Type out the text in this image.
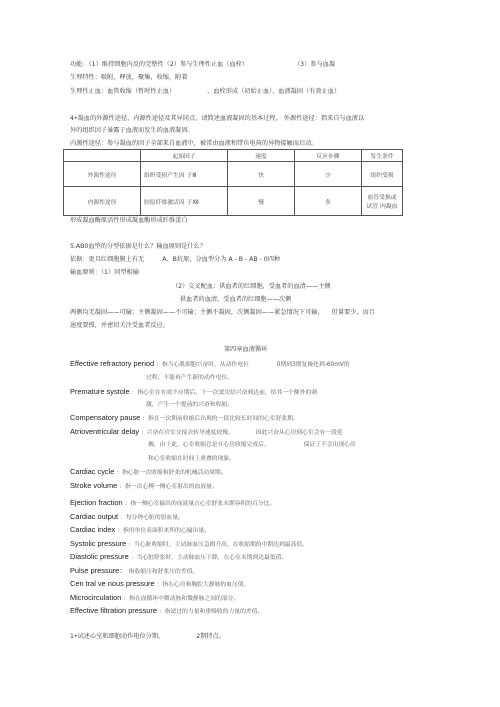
功能：（1）维持细胞内反的完整性（2）参与生理性止血（血栓）	（3）参与血凝
生理特性：吸附，释放，聚集，收缩，附着
生理性止血：血管收缩（暂时性止血）	，血栓形成（初始止血），血液凝固（有效止血）
4•凝血的外源性途径，内源性途径及其异同点，请简述血液凝固的基本过程。 外源性途径：指来自与血液以
外的组织因子暴露于血液而发生的血液凝固。
内源性途径：参与凝血的因子全部来自血液中，被常由血液和带负电荷的异物接触而启动。
	起始因子	速度	反应步骤	发生条件
外源性途径	组织受损产生因 子Ⅲ	快	少	组织受损
内源性途径	胶原纤维激活因 子Ⅻ	慢	多	血管受损或试管 内凝血
形成凝血酶原活性形成凝血酶形成纤维蛋白
5.AB0血型的分型依据是什么？输血原则是什么？
依据：更具红细胞膜上有无	A、B抗原，分血型分为 A - B - AB - 0四种
输血原则：（1）同型相输
（2）交叉配血：供血者的红细胞，受血者的血清——主侧
供血者的血清，受血者的红细胞——次侧
两侧均无凝固——可输；主侧凝固——不可输；主侧不凝固，次侧凝固——紧急情况下可输， 但量要少，而且
速度要慢，并密切关注受血者反应。
第四章血液循环
Effective refractory period ：指当心肌细胞兴奋时，从动作电位	0期到3期复极化到-60mV的
过程，不能再产生新的动作电位。
Premature systole ：指心室在有效不应期后，下一次窦房结兴奋到达前，给其一个额外的刺
激，产生一个提前的兴奋和收缩。
Compensatory pause ：指在一次期前收缩后出现的一段比较长时间的心室舒张期。
Atrioventricular delay ：兴奋在房室交接去转导速度较慢，	因此兴奋从心房到心室会有一段延
搁，由于此，心室收缩总是在心房收缩完成后，	保证了不会出现心房
和心室收缩在时间上重叠的现象。
Cardiac cycle ：指心脏一次收缩和舒张的机械活动周期。
Stroke volume ：指一次心搏一侧心室射出的血液量。
Ejection fraction ：指一侧心室输出的血液量占心室舒张末期容积的百分比。
Cardiac output ：每分钟心脏的射血量。
Cardiac index ：指用单位表面积来所的心输出量。
Systolic pressure ：当心脏收缩时，主动脉血压急剧升高，在收缩期的中期达到最高值。
Diastolic pressure ：当心脏舒张时，主动脉血压下降，在心室末期到达最低值。
Pulse pressure： 指收缩压和舒张压的差值。
Cen tral ve nous pressure ：指右心房和胸腔大静脉的血压值。
Microcirculation ：指在血循环中微动脉和微静脉之间的部分。
Effective filtration pressure ：指滤过的力量和重吸收的力量的差值。
1•试述心室肌细胞动作电位分期，	2期特点。
